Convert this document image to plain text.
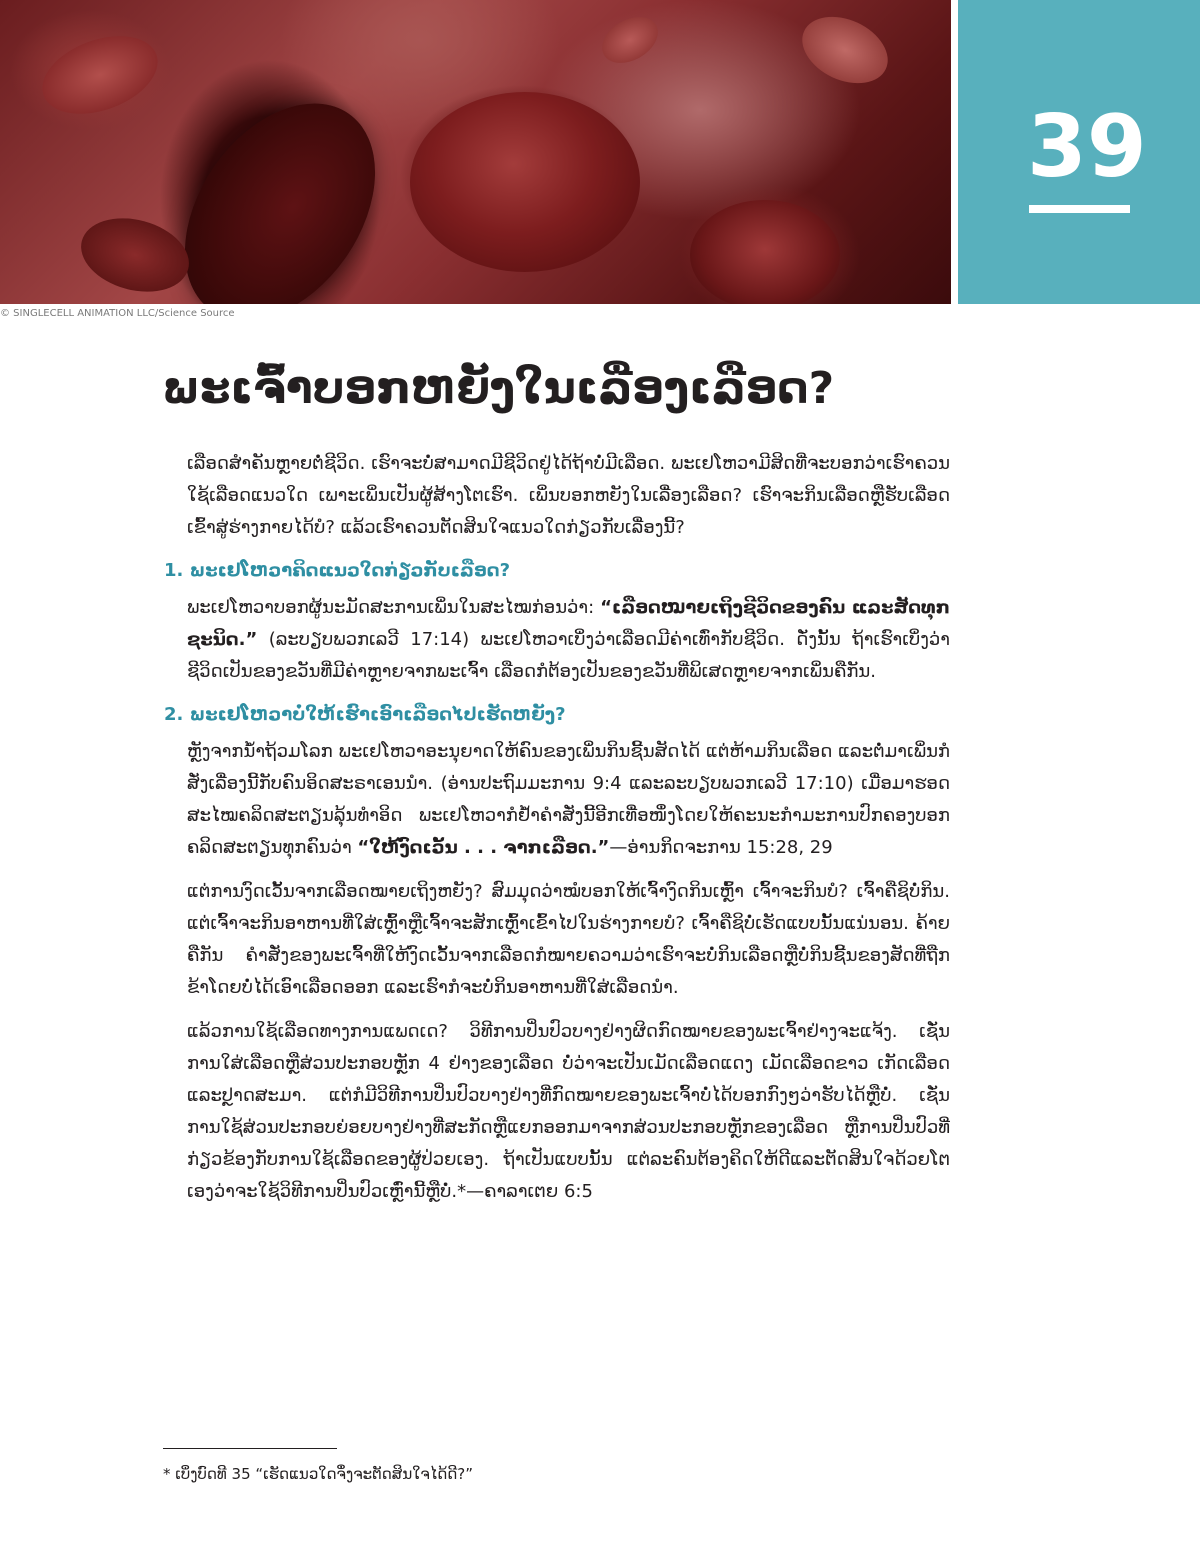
© SINGLECELL ANIMATION LLC/Science Source
39
ພະເຈົ້າບອກຫຍັງໃນເລື່ອງເລືອດ?

ເລືອດສຳຄັນຫຼາຍຕໍ່ຊີວິດ. ເຮົາຈະບໍ່ສາມາດມີຊີວິດຢູ່ໄດ້ຖ້າບໍ່ມີເລືອດ. ພະເຢໂຫວາມີສິດທີ່ຈະບອກວ່າເຮົາຄວນໃຊ້ເລືອດແນວໃດ ເພາະເພິ່ນເປັນຜູ້ສ້າງໂຕເຮົາ. ເພິ່ນບອກຫຍັງໃນເລື່ອງເລືອດ? ເຮົາຈະກິນເລືອດຫຼືຮັບເລືອດເຂົ້າສູ່ຮ່າງກາຍໄດ້ບໍ? ແລ້ວເຮົາຄວນຕັດສິນໃຈແນວໃດກ່ຽວກັບເລື່ອງນີ້?

1. ພະເຢໂຫວາຄິດແນວໃດກ່ຽວກັບເລືອດ?

ພະເຢໂຫວາບອກຜູ້ນະມັດສະການເພິ່ນໃນສະໄໝກ່ອນວ່າ: “ເລືອດໝາຍເຖິງຊີວິດຂອງຄົນ ແລະສັດທຸກຊະນິດ.” (ລະບຽບພວກເລວີ 17:14) ພະເຢໂຫວາເບິ່ງວ່າເລືອດມີຄ່າເທົ່າກັບຊີວິດ. ດັ່ງນັ້ນ ຖ້າເຮົາເບິ່ງວ່າຊີວິດເປັນຂອງຂວັນທີ່ມີຄ່າຫຼາຍຈາກພະເຈົ້າ ເລືອດກໍຕ້ອງເປັນຂອງຂວັນທີ່ພິເສດຫຼາຍຈາກເພິ່ນຄືກັນ.

2. ພະເຢໂຫວາບໍ່ໃຫ້ເຮົາເອົາເລືອດໄປເຮັດຫຍັງ?

ຫຼັງຈາກນ້ຳຖ້ວມໂລກ ພະເຢໂຫວາອະນຸຍາດໃຫ້ຄົນຂອງເພິ່ນກິນຊີ້ນສັດໄດ້ ແຕ່ຫ້າມກິນເລືອດ ແລະຕໍ່ມາເພິ່ນກໍສັ່ງເລື່ອງນີ້ກັບຄົນອິດສະຣາເອນນຳ. (ອ່ານປະຖົມມະການ 9:4 ແລະລະບຽບພວກເລວີ 17:10) ເມື່ອມາຮອດສະໄໝຄລິດສະຕຽນລຸ້ນທຳອິດ ພະເຢໂຫວາກໍຢ້ຳຄຳສັ່ງນີ້ອີກເທື່ອໜຶ່ງໂດຍໃຫ້ຄະນະກຳມະການປົກຄອງບອກຄລິດສະຕຽນທຸກຄົນວ່າ “ໃຫ້ງົດເວັ້ນ . . . ຈາກເລືອດ.”—ອ່ານກິດຈະການ 15:28, 29

ແຕ່ການງົດເວັ້ນຈາກເລືອດໝາຍເຖິງຫຍັງ? ສົມມຸດວ່າໝໍບອກໃຫ້ເຈົ້າງົດກິນເຫຼົ້າ ເຈົ້າຈະກິນບໍ? ເຈົ້າຄືຊິບໍ່ກິນ. ແຕ່ເຈົ້າຈະກິນອາຫານທີ່ໃສ່ເຫຼົ້າຫຼືເຈົ້າຈະສັກເຫຼົ້າເຂົ້າໄປໃນຮ່າງກາຍບໍ? ເຈົ້າຄືຊິບໍ່ເຮັດແບບນັ້ນແນ່ນອນ. ຄ້າຍຄືກັນ ຄຳສັ່ງຂອງພະເຈົ້າທີ່ໃຫ້ງົດເວັ້ນຈາກເລືອດກໍໝາຍຄວາມວ່າເຮົາຈະບໍ່ກິນເລືອດຫຼືບໍ່ກິນຊີ້ນຂອງສັດທີ່ຖືກຂ້າໂດຍບໍ່ໄດ້ເອົາເລືອດອອກ ແລະເຮົາກໍຈະບໍ່ກິນອາຫານທີ່ໃສ່ເລືອດນຳ.

ແລ້ວການໃຊ້ເລືອດທາງການແພດເດ? ວິທີການປິ່ນປົວບາງຢ່າງຜິດກົດໝາຍຂອງພະເຈົ້າຢ່າງຈະແຈ້ງ. ເຊັ່ນ ການໃສ່ເລືອດຫຼືສ່ວນປະກອບຫຼັກ 4 ຢ່າງຂອງເລືອດ ບໍ່ວ່າຈະເປັນເມັດເລືອດແດງ ເມັດເລືອດຂາວ ເກັດເລືອດ ແລະປຼາດສະມາ. ແຕ່ກໍມີວິທີການປິ່ນປົວບາງຢ່າງທີ່ກົດໝາຍຂອງພະເຈົ້າບໍ່ໄດ້ບອກກົງໆວ່າຮັບໄດ້ຫຼືບໍ່. ເຊັ່ນ ການໃຊ້ສ່ວນປະກອບຍ່ອຍບາງຢ່າງທີ່ສະກັດຫຼືແຍກອອກມາຈາກສ່ວນປະກອບຫຼັກຂອງເລືອດ ຫຼືການປິ່ນປົວທີ່ກ່ຽວຂ້ອງກັບການໃຊ້ເລືອດຂອງຜູ້ປ່ວຍເອງ. ຖ້າເປັນແບບນັ້ນ ແຕ່ລະຄົນຕ້ອງຄິດໃຫ້ດີແລະຕັດສິນໃຈດ້ວຍໂຕເອງວ່າຈະໃຊ້ວິທີການປິ່ນປົວເຫຼົ່ານີ້ຫຼືບໍ່.*—ຄາລາເຕຍ 6:5

* ເບິ່ງບົດທີ 35 “ເຮັດແນວໃດຈຶ່ງຈະຕັດສິນໃຈໄດ້ດີ?”
